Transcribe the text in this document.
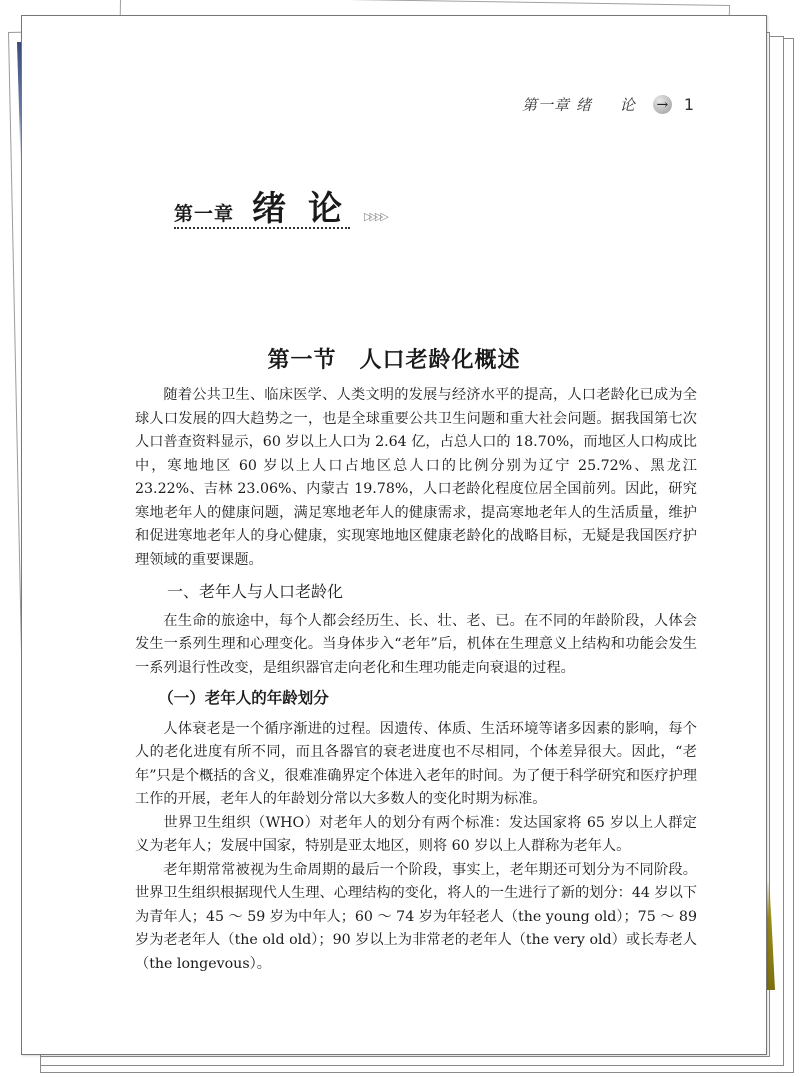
第一章 绪 论 → 1
第一章 绪论 ▷▷▷▷
第一节　人口老龄化概述

随着公共卫生、临床医学、人类文明的发展与经济水平的提高，人口老龄化已成为全球人口发展的四大趋势之一，也是全球重要公共卫生问题和重大社会问题。据我国第七次人口普查资料显示，60 岁以上人口为 2.64 亿，占总人口的 18.70%，而地区人口构成比中，寒地地区 60 岁以上人口占地区总人口的比例分别为辽宁 25.72%、黑龙江 23.22%、吉林 23.06%、内蒙古 19.78%，人口老龄化程度位居全国前列。因此，研究寒地老年人的健康问题，满足寒地老年人的健康需求，提高寒地老年人的生活质量，维护和促进寒地老年人的身心健康，实现寒地地区健康老龄化的战略目标，无疑是我国医疗护理领域的重要课题。

一、老年人与人口老龄化

在生命的旅途中，每个人都会经历生、长、壮、老、已。在不同的年龄阶段，人体会发生一系列生理和心理变化。当身体步入“老年”后，机体在生理意义上结构和功能会发生一系列退行性改变，是组织器官走向老化和生理功能走向衰退的过程。

（一）老年人的年龄划分

人体衰老是一个循序渐进的过程。因遗传、体质、生活环境等诸多因素的影响，每个人的老化进度有所不同，而且各器官的衰老进度也不尽相同，个体差异很大。因此，“老年”只是个概括的含义，很难准确界定个体进入老年的时间。为了便于科学研究和医疗护理工作的开展，老年人的年龄划分常以大多数人的变化时期为标准。

世界卫生组织（WHO）对老年人的划分有两个标准：发达国家将 65 岁以上人群定义为老年人；发展中国家，特别是亚太地区，则将 60 岁以上人群称为老年人。

老年期常常被视为生命周期的最后一个阶段，事实上，老年期还可划分为不同阶段。世界卫生组织根据现代人生理、心理结构的变化，将人的一生进行了新的划分：44 岁以下为青年人；45 ～ 59 岁为中年人；60 ～ 74 岁为年轻老人（the young old）；75 ～ 89 岁为老老年人（the old old）；90 岁以上为非常老的老年人（the very old）或长寿老人（the longevous）。
